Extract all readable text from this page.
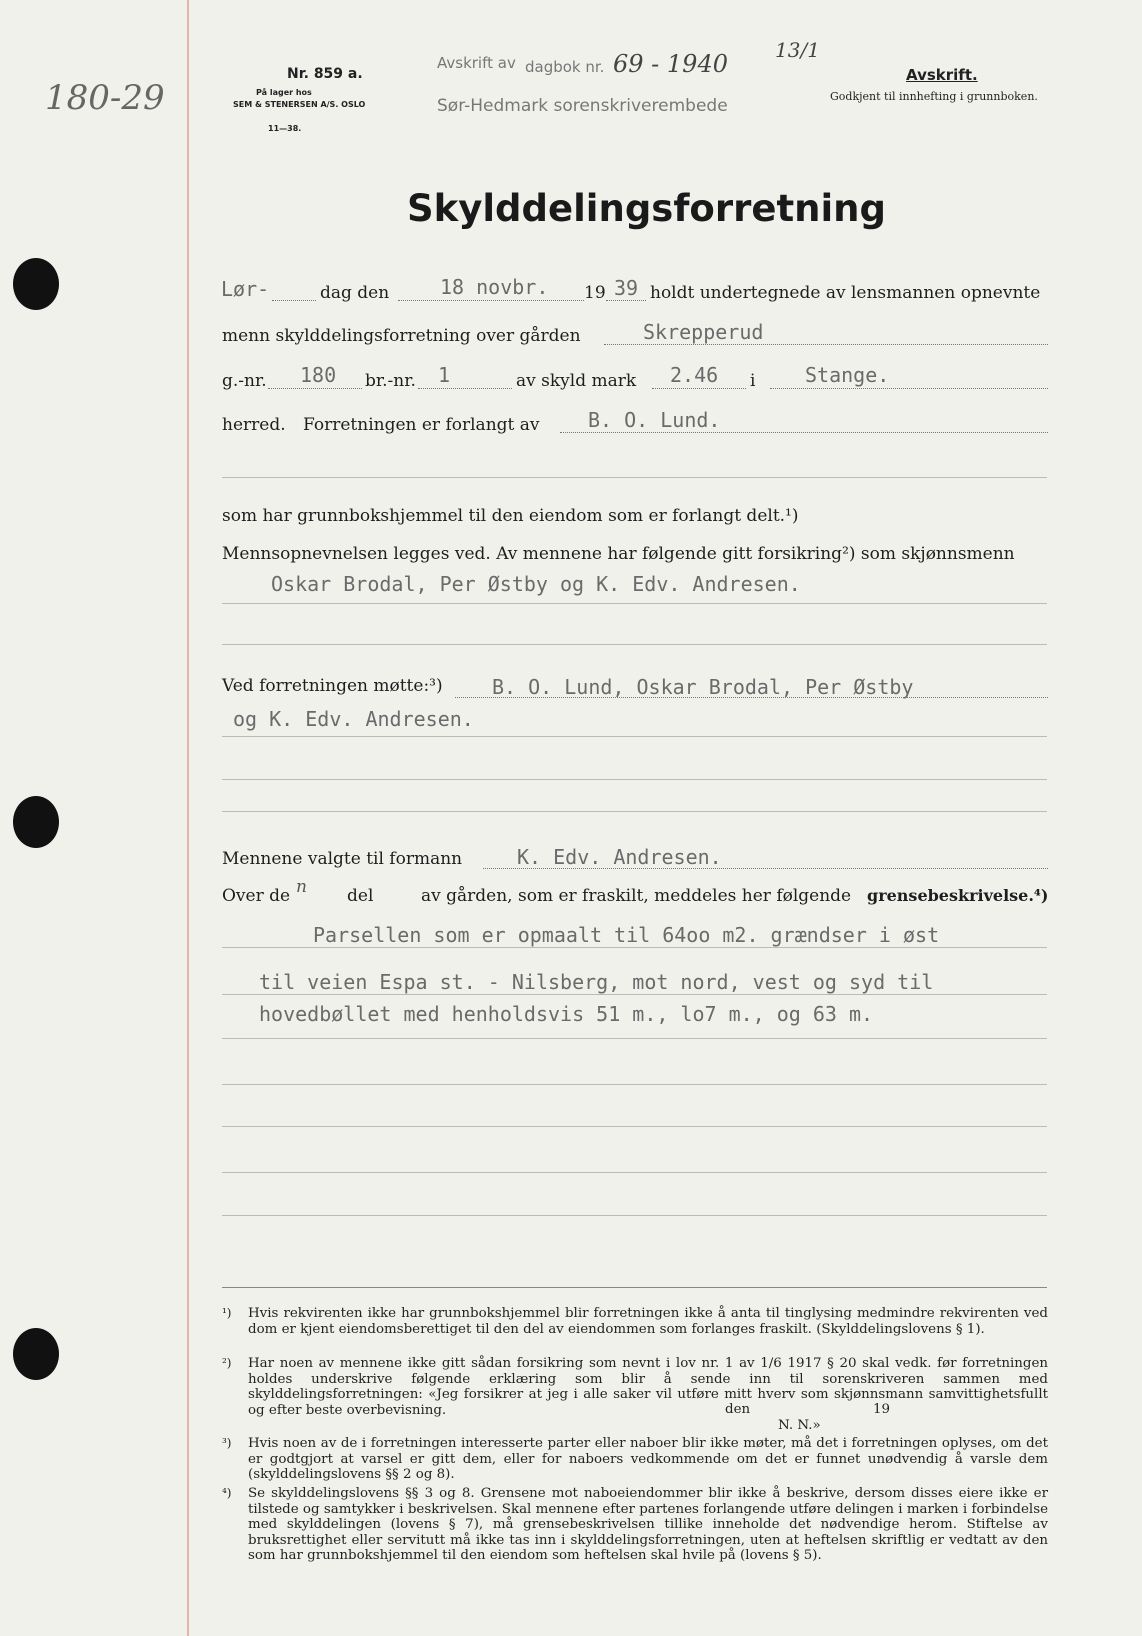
180-29
Nr. 859 a.
På lager hos
SEM & STENERSEN A/S. OSLO
11—38.
Avskrift av dagbok nr. 69 - 1940 13/1
Sør-Hedmark sorenskriverembede
Avskrift.
Godkjent til innhefting i grunnboken.
Skylddelingsforretning
Lør-	dag den	18 novbr. 19 39 holdt undertegnede av lensmannen opnevnte
menn skylddelingsforretning over gården	Skrepperud
g.-nr. 180 br.-nr. 1	av skyld mark 2.46 i Stange.
herred. Forretningen er forlangt av B. O. Lund.
som har grunnbokshjemmel til den eiendom som er forlangt delt.¹)
Mennsopnevnelsen legges ved. Av mennene har følgende gitt forsikring²) som skjønnsmenn
Oskar Brodal, Per Østby og K. Edv. Andresen.
Ved forretningen møtte:³) B. O. Lund, Oskar Brodal, Per Østby
og K. Edv. Andresen.
Mennene valgte til formann	K. Edv. Andresen.
Over de n del	av gården, som er fraskilt, meddeles her følgende grensebeskrivelse.⁴)
Parsellen som er opmaalt til 64oo m2. grændser i øst
til veien Espa st. - Nilsberg, mot nord, vest og syd til
hovedbøllet med henholdsvis 51 m., lo7 m., og 63 m.
¹) Hvis rekvirenten ikke har grunnbokshjemmel blir forretningen ikke å anta til tinglysing medmindre rekvirenten ved dom er kjent eiendomsberettiget til den del av eiendommen som forlanges fraskilt. (Skylddelingslovens § 1).
²) Har noen av mennene ikke gitt sådan forsikring som nevnt i lov nr. 1 av 1/6 1917 § 20 skal vedk. før forretningen holdes underskrive følgende erklæring som blir å sende inn til sorenskriveren sammen med skylddelingsforretningen: «Jeg forsikrer at jeg i alle saker vil utføre mitt hverv som skjønnsmann samvittighetsfullt og efter beste overbevisning.	den	19
N. N.»
³) Hvis noen av de i forretningen interesserte parter eller naboer blir ikke møter, må det i forretningen oplyses, om det er godtgjort at varsel er gitt dem, eller for naboers vedkommende om det er funnet unødvendig å varsle dem (skylddelingslovens §§ 2 og 8).
⁴) Se skylddelingslovens §§ 3 og 8. Grensene mot naboeiendommer blir ikke å beskrive, dersom disses eiere ikke er tilstede og samtykker i beskrivelsen. Skal mennene efter partenes forlangende utføre delingen i marken i forbindelse med skylddelingen (lovens § 7), må grensebeskrivelsen tillike inneholde det nødvendige herom. Stiftelse av bruksrettighet eller servitutt må ikke tas inn i skylddelingsforretningen, uten at heftelsen skriftlig er vedtatt av den som har grunnbokshjemmel til den eiendom som heftelsen skal hvile på (lovens § 5).
